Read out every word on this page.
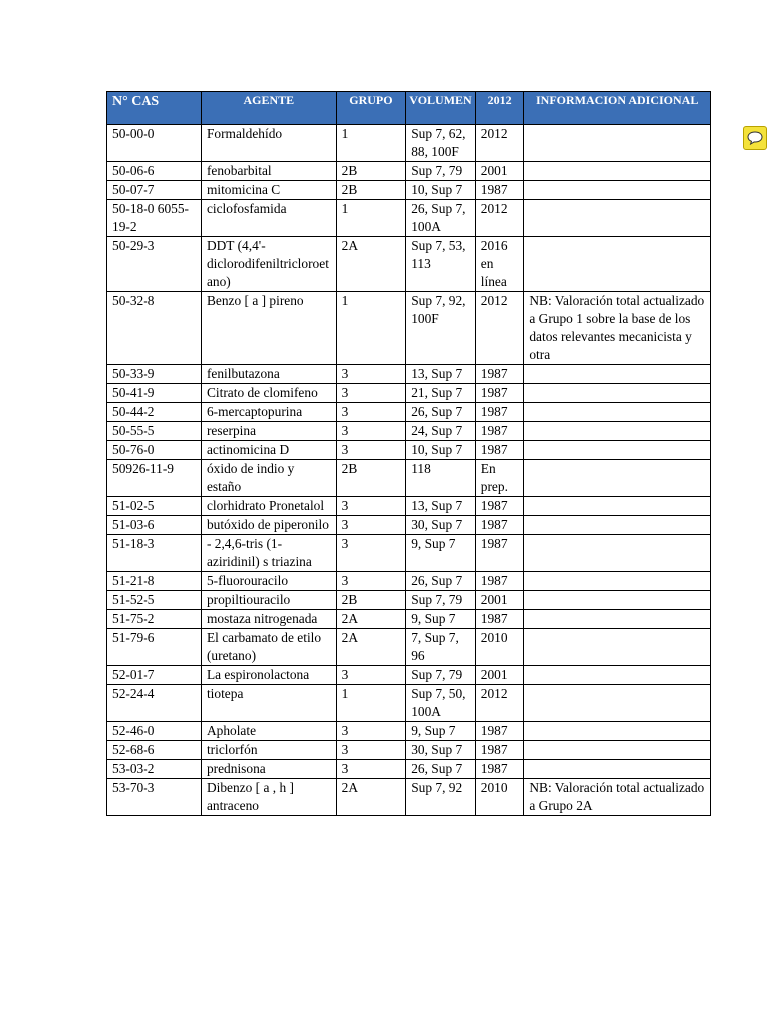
N° CAS	AGENTE	GRUPO	VOLUMEN	2012	INFORMACION ADICIONAL
50-00-0	Formaldehído	1	Sup 7, 62, 88, 100F	2012	
50-06-6	fenobarbital	2B	Sup 7, 79	2001	
50-07-7	mitomicina C	2B	10, Sup 7	1987	
50-18-0 6055-19-2	ciclofosfamida	1	26, Sup 7, 100A	2012	
50-29-3	DDT (4,4'- diclorodifeniltricloroetano)	2A	Sup 7, 53, 113	2016 en línea	
50-32-8	Benzo [ a ] pireno	1	Sup 7, 92, 100F	2012	NB: Valoración total actualizado a Grupo 1 sobre la base de los datos relevantes mecanicista y otra
50-33-9	fenilbutazona	3	13, Sup 7	1987	
50-41-9	Citrato de clomifeno	3	21, Sup 7	1987	
50-44-2	6-mercaptopurina	3	26, Sup 7	1987	
50-55-5	reserpina	3	24, Sup 7	1987	
50-76-0	actinomicina D	3	10, Sup 7	1987	
50926-11-9	óxido de indio y estaño	2B	118	En prep.	
51-02-5	clorhidrato Pronetalol	3	13, Sup 7	1987	
51-03-6	butóxido de piperonilo	3	30, Sup 7	1987	
51-18-3	- 2,4,6-tris (1-aziridinil) s triazina	3	9, Sup 7	1987	
51-21-8	5-fluorouracilo	3	26, Sup 7	1987	
51-52-5	propiltiouracilo	2B	Sup 7, 79	2001	
51-75-2	mostaza nitrogenada	2A	9, Sup 7	1987	
51-79-6	El carbamato de etilo (uretano)	2A	7, Sup 7, 96	2010	
52-01-7	La espironolactona	3	Sup 7, 79	2001	
52-24-4	tiotepa	1	Sup 7, 50, 100A	2012	
52-46-0	Apholate	3	9, Sup 7	1987	
52-68-6	triclorfón	3	30, Sup 7	1987	
53-03-2	prednisona	3	26, Sup 7	1987	
53-70-3	Dibenzo [ a , h ] antraceno	2A	Sup 7, 92	2010	NB: Valoración total actualizado a Grupo 2A
